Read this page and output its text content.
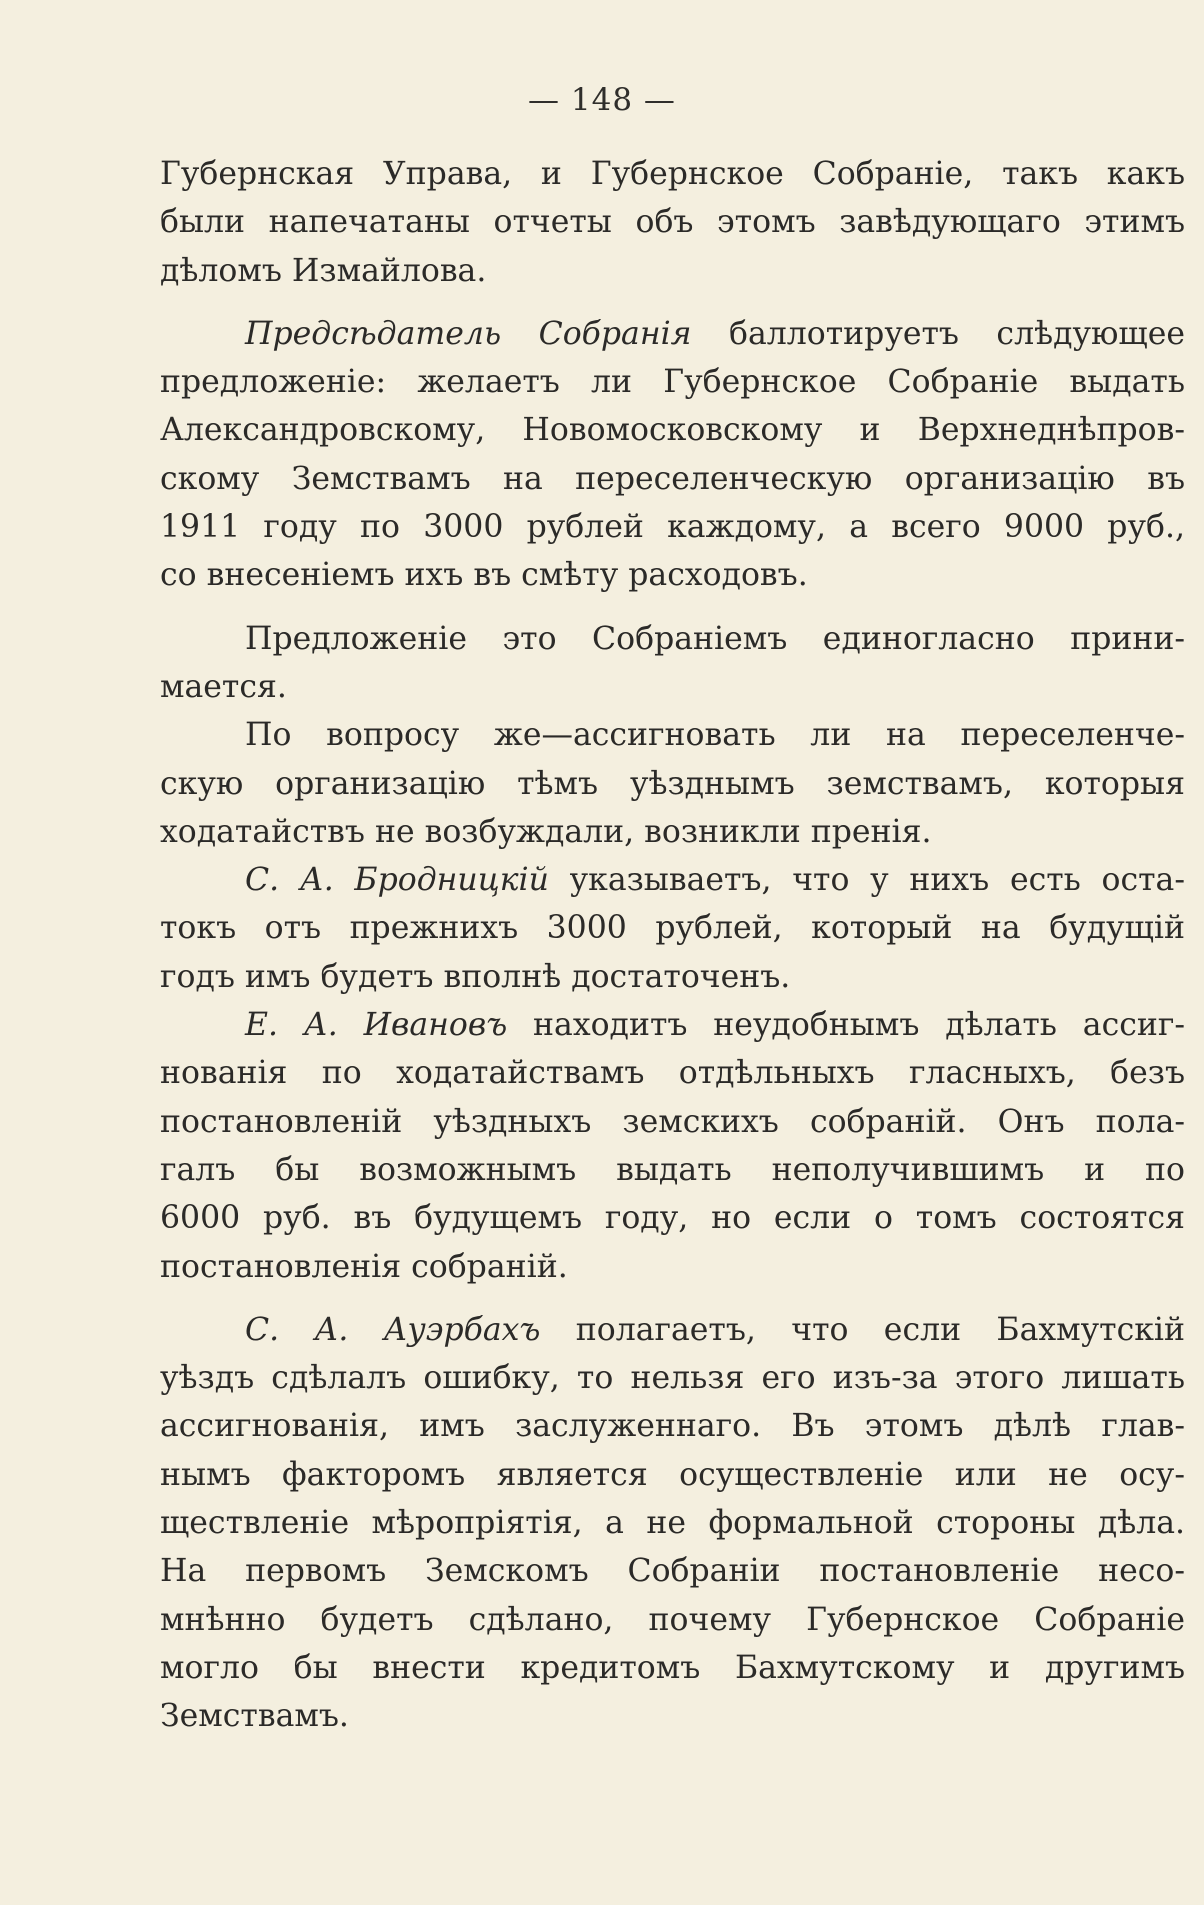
— 148 —
Губернская Управа, и Губернское Собраніе, такъ какъ
были напечатаны отчеты объ этомъ завѣдующаго этимъ
дѣломъ Измайлова.
Предсѣдатель Собранія баллотируетъ слѣдующее
предложеніе: желаетъ ли Губернское Собраніе выдать
Александровскому, Новомосковскому и Верхнеднѣпров-
скому Земствамъ на переселенческую организацію въ
1911 году по 3000 рублей каждому, а всего 9000 руб.,
со внесеніемъ ихъ въ смѣту расходовъ.
Предложеніе это Собраніемъ единогласно прини-
мается.
По вопросу же—ассигновать ли на переселенче-
скую организацію тѣмъ уѣзднымъ земствамъ, которыя
ходатайствъ не возбуждали, возникли пренія.
С. А. Бродницкій указываетъ, что у нихъ есть оста-
токъ отъ прежнихъ 3000 рублей, который на будущій
годъ имъ будетъ вполнѣ достаточенъ.
Е. А. Ивановъ находитъ неудобнымъ дѣлать ассиг-
нованія по ходатайствамъ отдѣльныхъ гласныхъ, безъ
постановленій уѣздныхъ земскихъ собраній. Онъ пола-
галъ бы возможнымъ выдать неполучившимъ и по
6000 руб. въ будущемъ году, но если о томъ состоятся
постановленія собраній.
С. А. Ауэрбахъ полагаетъ, что если Бахмутскій
уѣздъ сдѣлалъ ошибку, то нельзя его изъ-за этого лишать
ассигнованія, имъ заслуженнаго. Въ этомъ дѣлѣ глав-
нымъ факторомъ является осуществленіе или не осу-
ществленіе мѣропріятія, а не формальной стороны дѣла.
На первомъ Земскомъ Собраніи постановленіе несо-
мнѣнно будетъ сдѣлано, почему Губернское Собраніе
могло бы внести кредитомъ Бахмутскому и другимъ
Земствамъ.
